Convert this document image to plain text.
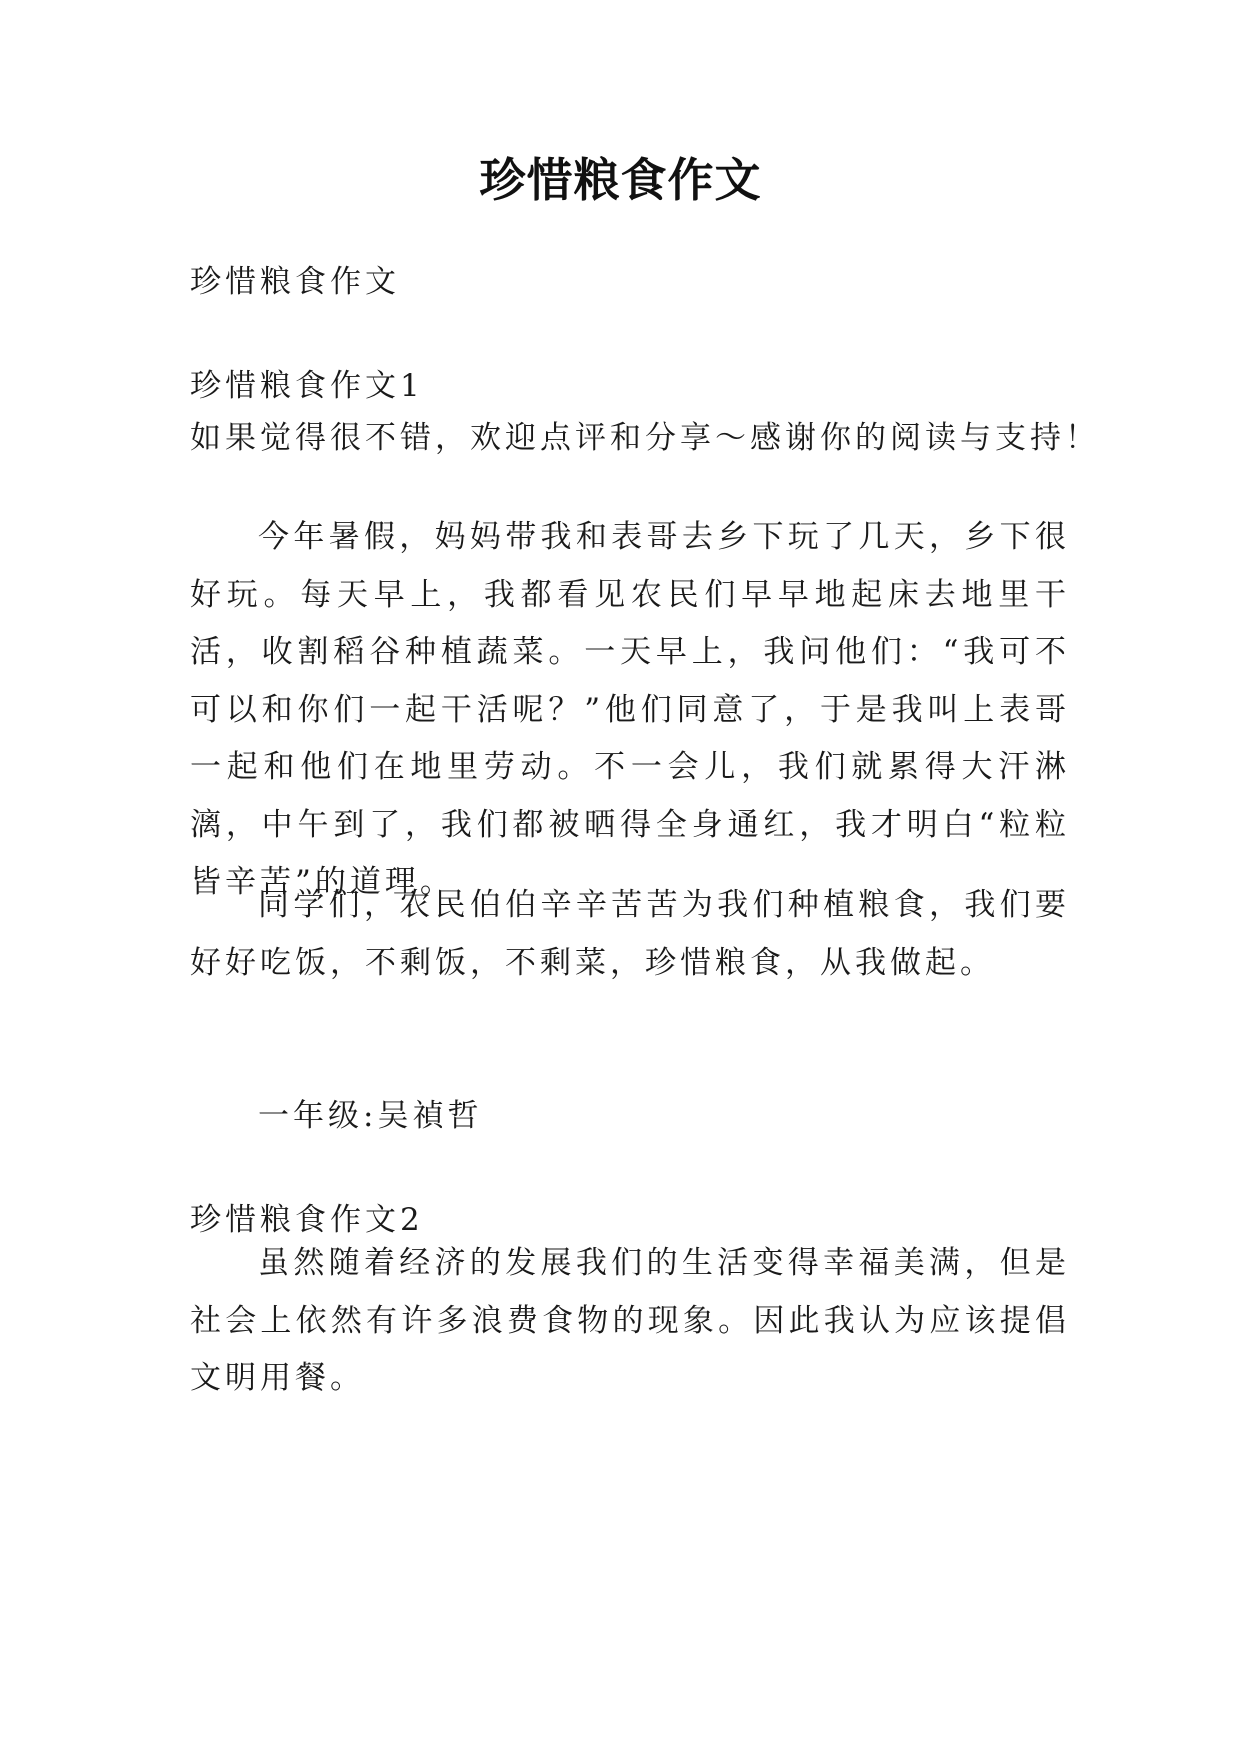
珍惜粮食作文
珍惜粮食作文
珍惜粮食作文1
如果觉得很不错，欢迎点评和分享～感谢你的阅读与支持！
今年暑假，妈妈带我和表哥去乡下玩了几天，乡下很好玩。每天早上，我都看见农民们早早地起床去地里干活，收割稻谷种植蔬菜。一天早上，我问他们：“我可不可以和你们一起干活呢？”他们同意了，于是我叫上表哥一起和他们在地里劳动。不一会儿，我们就累得大汗淋漓，中午到了，我们都被晒得全身通红，我才明白“粒粒皆辛苦”的道理。
同学们，农民伯伯辛辛苦苦为我们种植粮食，我们要好好吃饭，不剩饭，不剩菜，珍惜粮食，从我做起。
一年级:吴禎哲
珍惜粮食作文2
虽然随着经济的发展我们的生活变得幸福美满，但是社会上依然有许多浪费食物的现象。因此我认为应该提倡文明用餐。
